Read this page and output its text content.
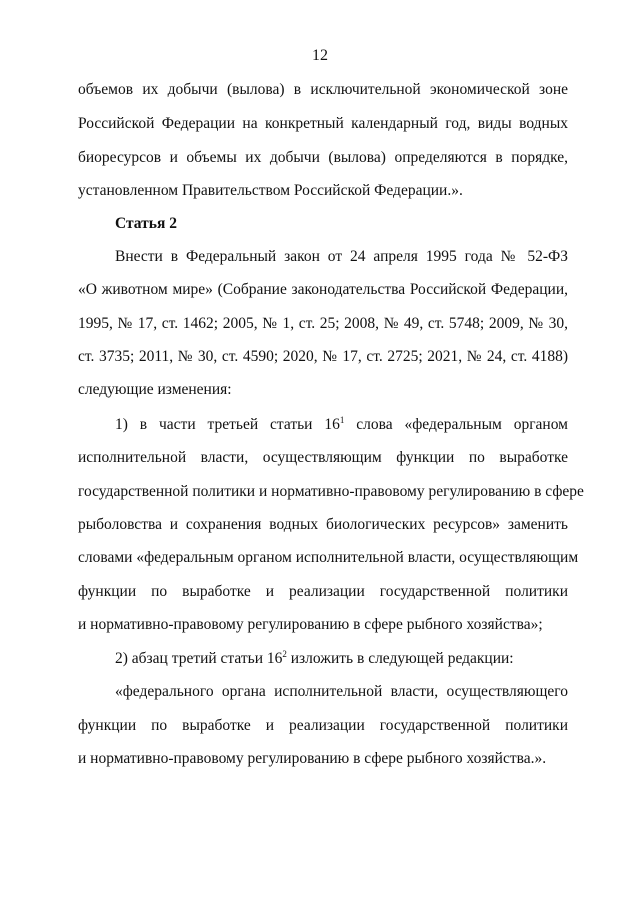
12
объемов их добычи (вылова) в исключительной экономической зоне
Российской Федерации на конкретный календарный год, виды водных
биоресурсов и объемы их добычи (вылова) определяются в порядке,
установленном Правительством Российской Федерации.».
Статья 2
Внести в Федеральный закон от 24 апреля 1995 года № 52-ФЗ
«О животном мире» (Собрание законодательства Российской Федерации,
1995, № 17, ст. 1462; 2005, № 1, ст. 25; 2008, № 49, ст. 5748; 2009, № 30,
ст. 3735; 2011, № 30, ст. 4590; 2020, № 17, ст. 2725; 2021, № 24, ст. 4188)
следующие изменения:
1) в части третьей статьи $16^1$ слова «федеральным органом
исполнительной власти, осуществляющим функции по выработке
государственной политики и нормативно-правовому регулированию в сфере
рыболовства и сохранения водных биологических ресурсов» заменить
словами «федеральным органом исполнительной власти, осуществляющим
функции по выработке и реализации государственной политики
и нормативно-правовому регулированию в сфере рыбного хозяйства»;
2) абзац третий статьи $16^2$ изложить в следующей редакции:
«федерального органа исполнительной власти, осуществляющего
функции по выработке и реализации государственной политики
и нормативно-правовому регулированию в сфере рыбного хозяйства.».
